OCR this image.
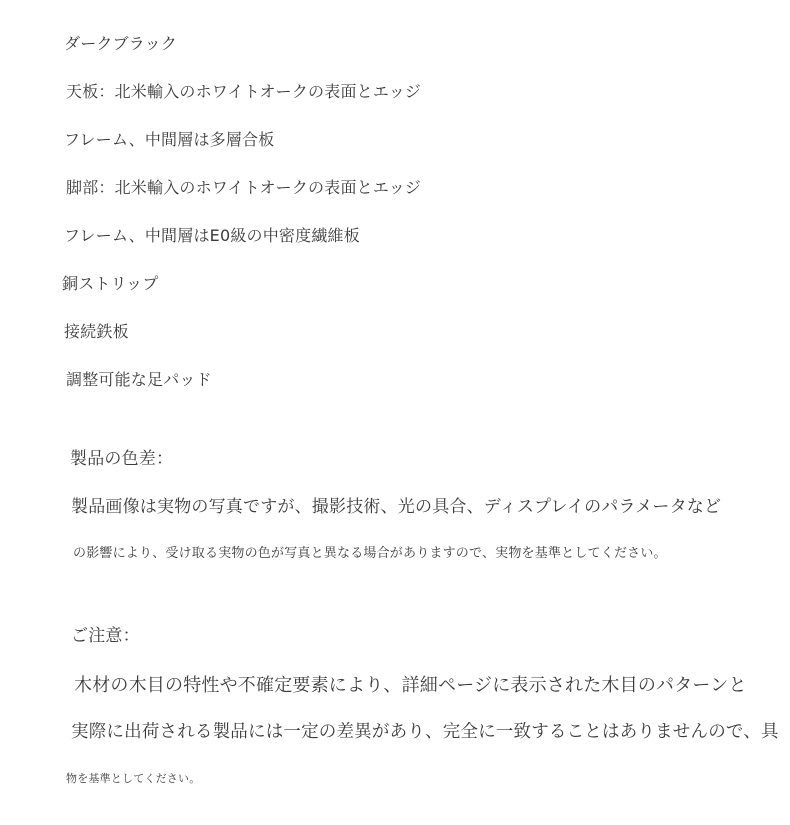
ダークブラック
天板：北米輸入のホワイトオークの表面とエッジ
フレーム、中間層は多層合板
脚部：北米輸入のホワイトオークの表面とエッジ
フレーム、中間層はE0級の中密度繊維板
銅ストリップ
接続鉄板
調整可能な足パッド
製品の色差：
製品画像は実物の写真ですが、撮影技術、光の具合、ディスプレイのパラメータなど
の影響により、受け取る実物の色が写真と異なる場合がありますので、実物を基準としてください。
ご注意：
木材の木目の特性や不確定要素により、詳細ページに表示された木目のパターンと
実際に出荷される製品には一定の差異があり、完全に一致することはありませんので、具
物を基準としてください。
